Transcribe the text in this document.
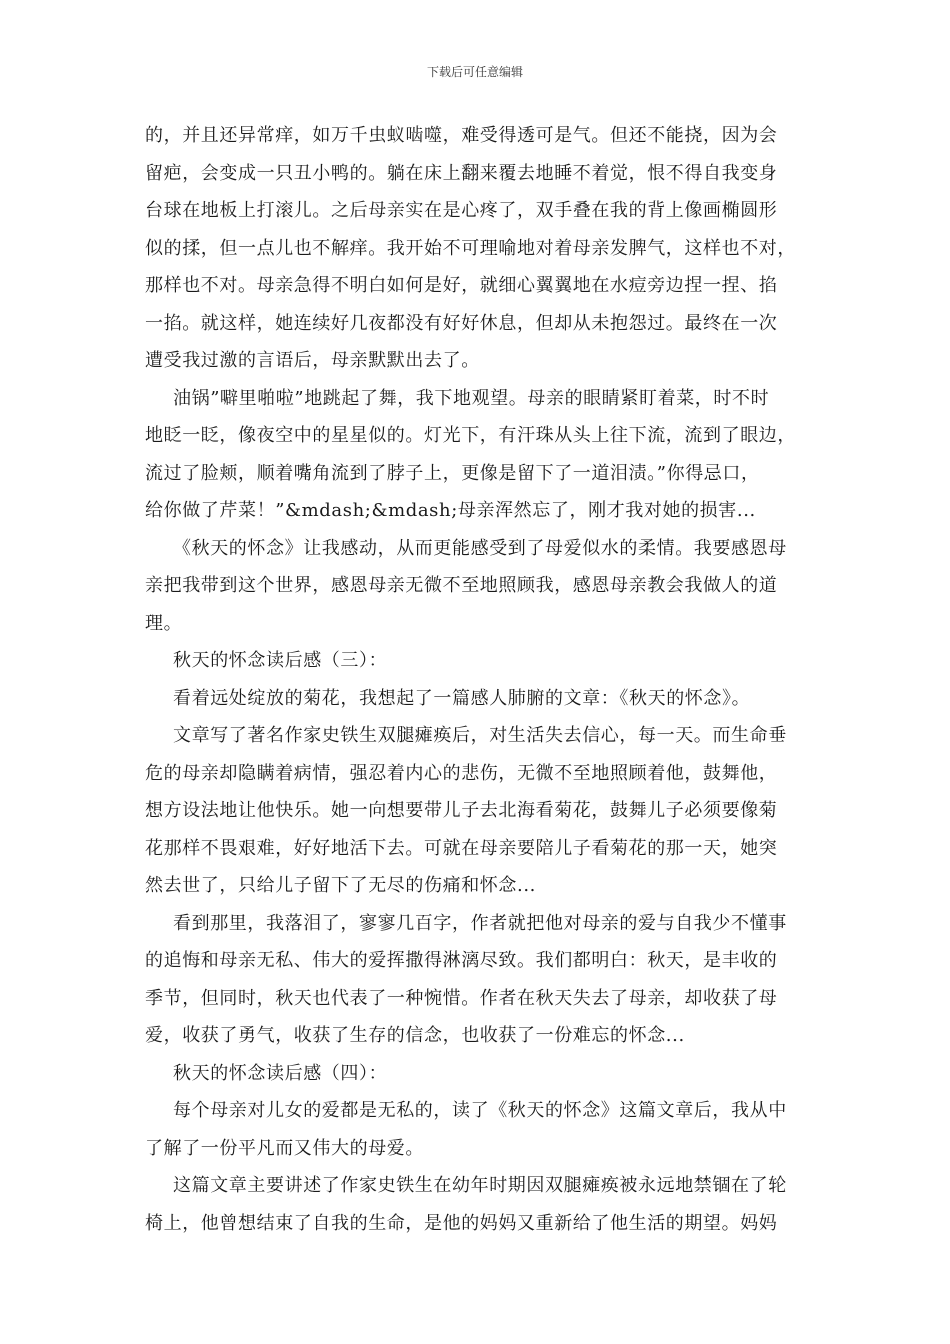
下载后可任意编辑
的，并且还异常痒，如万千虫蚁啮噬，难受得透可是气。但还不能挠，因为会
留疤，会变成一只丑小鸭的。躺在床上翻来覆去地睡不着觉，恨不得自我变身
台球在地板上打滚儿。之后母亲实在是心疼了，双手叠在我的背上像画椭圆形
似的揉，但一点儿也不解痒。我开始不可理喻地对着母亲发脾气，这样也不对，
那样也不对。母亲急得不明白如何是好，就细心翼翼地在水痘旁边捏一捏、掐
一掐。就这样，她连续好几夜都没有好好休息，但却从未抱怨过。最终在一次
遭受我过激的言语后，母亲默默出去了。
油锅”噼里啪啦”地跳起了舞，我下地观望。母亲的眼睛紧盯着菜，时不时
地眨一眨，像夜空中的星星似的。灯光下，有汗珠从头上往下流，流到了眼边，
流过了脸颊，顺着嘴角流到了脖子上，更像是留下了一道泪渍。”你得忌口，
给你做了芹菜！”&mdash;&mdash;母亲浑然忘了，刚才我对她的损害...
《秋天的怀念》让我感动，从而更能感受到了母爱似水的柔情。我要感恩母
亲把我带到这个世界，感恩母亲无微不至地照顾我，感恩母亲教会我做人的道
理。
秋天的怀念读后感（三）：
看着远处绽放的菊花，我想起了一篇感人肺腑的文章：《秋天的怀念》。
文章写了著名作家史铁生双腿瘫痪后，对生活失去信心，每一天。而生命垂
危的母亲却隐瞒着病情，强忍着内心的悲伤，无微不至地照顾着他，鼓舞他，
想方设法地让他快乐。她一向想要带儿子去北海看菊花，鼓舞儿子必须要像菊
花那样不畏艰难，好好地活下去。可就在母亲要陪儿子看菊花的那一天，她突
然去世了，只给儿子留下了无尽的伤痛和怀念...
看到那里，我落泪了，寥寥几百字，作者就把他对母亲的爱与自我少不懂事
的追悔和母亲无私、伟大的爱挥撒得淋漓尽致。我们都明白：秋天，是丰收的
季节，但同时，秋天也代表了一种惋惜。作者在秋天失去了母亲，却收获了母
爱，收获了勇气，收获了生存的信念，也收获了一份难忘的怀念...
秋天的怀念读后感（四）：
每个母亲对儿女的爱都是无私的，读了《秋天的怀念》这篇文章后，我从中
了解了一份平凡而又伟大的母爱。
这篇文章主要讲述了作家史铁生在幼年时期因双腿瘫痪被永远地禁锢在了轮
椅上，他曾想结束了自我的生命，是他的妈妈又重新给了他生活的期望。妈妈
